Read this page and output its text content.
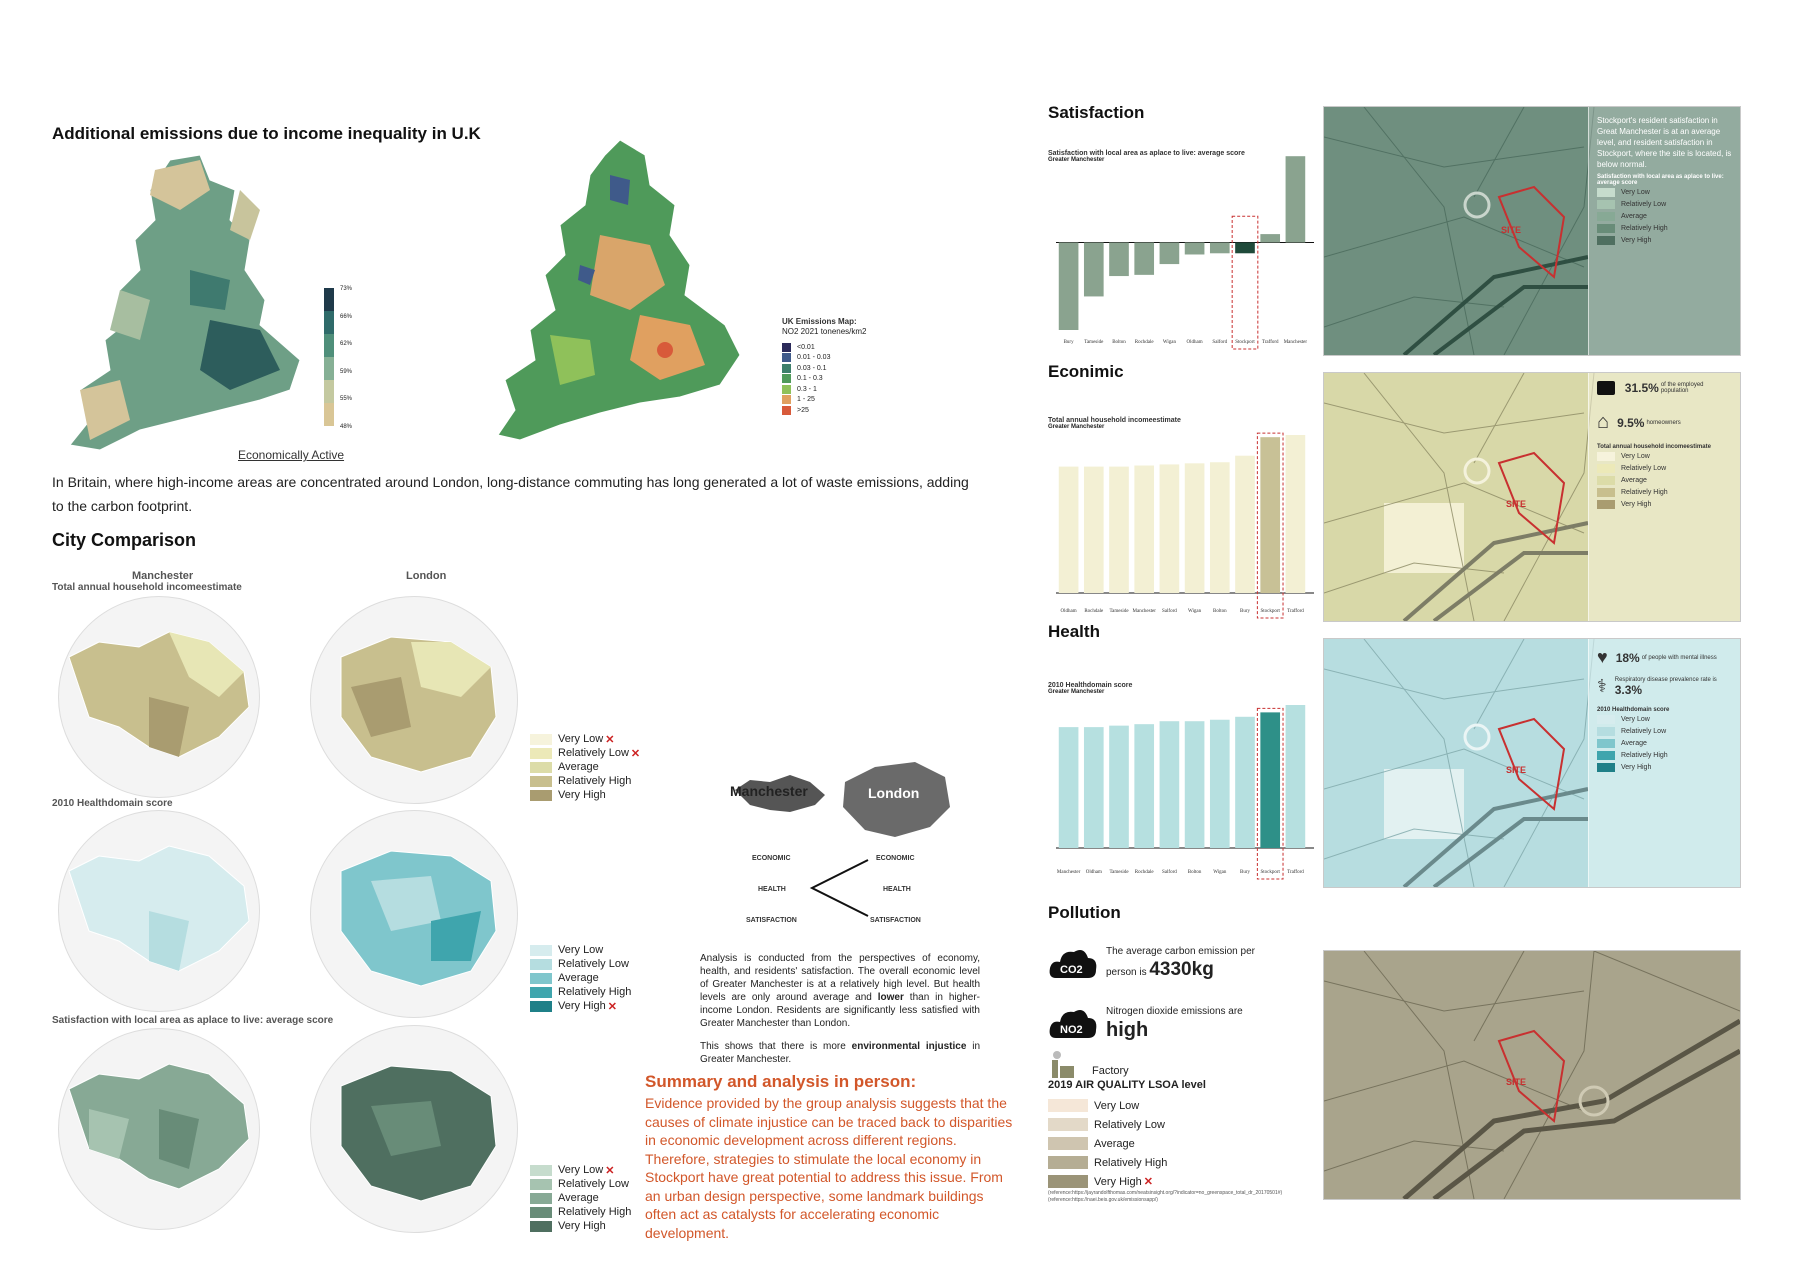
Additional emissions due to income inequality in U.K
73%
66%
62%
59%
55%
48%
Economically Active
UK Emissions Map:
NO2 2021 tonenes/km2
<0.01
0.01 - 0.03
0.03 - 0.1
0.1 - 0.3
0.3 - 1
1 - 25
>25
In Britain, where high-income areas are concentrated around London, long-distance commuting has long generated a lot of waste emissions, adding to the carbon footprint.
City Comparison
Manchester	London
Total annual household incomeestimate
Very Low ✕
Relatively Low ✕
Average
Relatively High
Very High
2010 Healthdomain score
Very Low
Relatively Low
Average
Relatively High
Very High ✕
Satisfaction with local area as aplace to live: average score
Very Low ✕
Relatively Low
Average
Relatively High
Very High
Manchester	London
ECONOMIC
HEALTH
SATISFACTION
ECONOMIC
HEALTH
SATISFACTION
Analysis is conducted from the perspectives of economy, health, and residents' satisfaction. The overall economic level of Greater Manchester is at a relatively high level. But health levels are only around average and lower than in higher-income London. Residents are significantly less satisfied with Greater Manchester than London.
This shows that there is more environmental injustice in Greater Manchester.
Summary and analysis in person:
Evidence provided by the group analysis suggests that the causes of climate injustice can be traced back to disparities in economic development across different regions. Therefore, strategies to stimulate the local economy in Stockport have great potential to address this issue. From an urban design perspective, some landmark buildings often act as catalysts for accelerating economic development.
Satisfaction
Satisfaction with local area as aplace to live: average score
Greater Manchester
Bury Tameside Bolton Rochdale Wigan Oldham Salford Stockport Trafford Manchester
SITE
Stockport's resident satisfaction in Great Manchester is at an average level, and resident satisfaction in Stockport, where the site is located, is below normal.
Satisfaction with local area as aplace to live: average score
Very Low
Relatively Low
Average
Relatively High
Very High
Econimic
Total annual household incomeestimate
Greater Manchester
Oldham Rochdale Tameside Manchester Salford Wigan Bolton	Bury Stockport Trafford
SITE
31.5% of the employed population
⌂ 9.5% homeowners
Total annual household incomeestimate
Very Low
Relatively Low
Average
Relatively High
Very High
Health
2010 Healthdomain score
Greater Manchester
Manchester Oldham Tameside Rochdale Salford Bolton Wigan	Bury Stockport Trafford
SITE
♥ 18% of people with mental illness
⚕ Respiratory disease prevalence rate is
3.3%
2010 Healthdomain score
Very Low
Relatively Low
Average
Relatively High
Very High
Pollution
CO2
The average carbon emission per
person is 4330kg
NO2
Nitrogen dioxide emissions are
high
Factory
2019 AIR QUALITY LSOA level
Very Low
Relatively Low
Average
Relatively High
Very High ✕
(reference:https://jayrandolfthomas.com/neatsinsight.org/?indicator=no_greenspace_total_dr_20170501#)
(reference:https://naei.beis.gov.uk/emissionsapp/)
SITE
